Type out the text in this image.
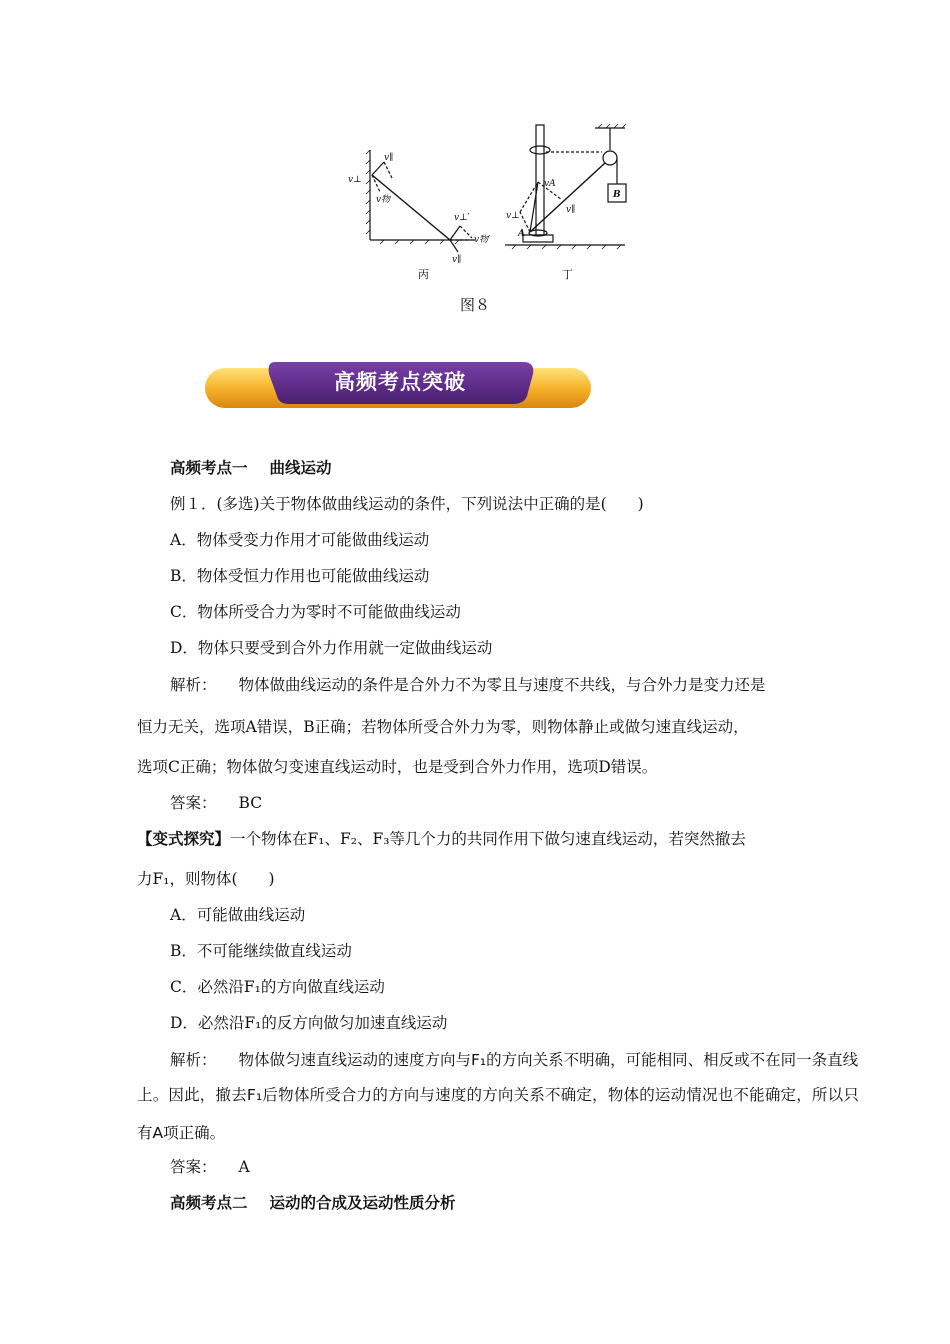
v⊥
v∥
v物
v⊥′
v物′
v∥
丙
vA
v⊥
v∥
A
B
丁
图８
高频考点突破
高频考点一 曲线运动
例１．(多选)关于物体做曲线运动的条件，下列说法中正确的是(　　)
A．物体受变力作用才可能做曲线运动
B．物体受恒力作用也可能做曲线运动
C．物体所受合力为零时不可能做曲线运动
D．物体只要受到合外力作用就一定做曲线运动
解析： 物体做曲线运动的条件是合外力不为零且与速度不共线，与合外力是变力还是
恒力无关，选项A错误，B正确；若物体所受合外力为零，则物体静止或做匀速直线运动，
选项C正确；物体做匀变速直线运动时，也是受到合外力作用，选项D错误。
答案： BC
【变式探究】一个物体在F₁、F₂、F₃等几个力的共同作用下做匀速直线运动，若突然撤去
力F₁，则物体(　　)
A．可能做曲线运动
B．不可能继续做直线运动
C．必然沿F₁的方向做直线运动
D．必然沿F₁的反方向做匀加速直线运动
解析： 物体做匀速直线运动的速度方向与F₁的方向关系不明确，可能相同、相反或不在同一条直线
上。因此，撤去F₁后物体所受合力的方向与速度的方向关系不确定，物体的运动情况也不能确定，所以只
有A项正确。
答案： A
高频考点二 运动的合成及运动性质分析
